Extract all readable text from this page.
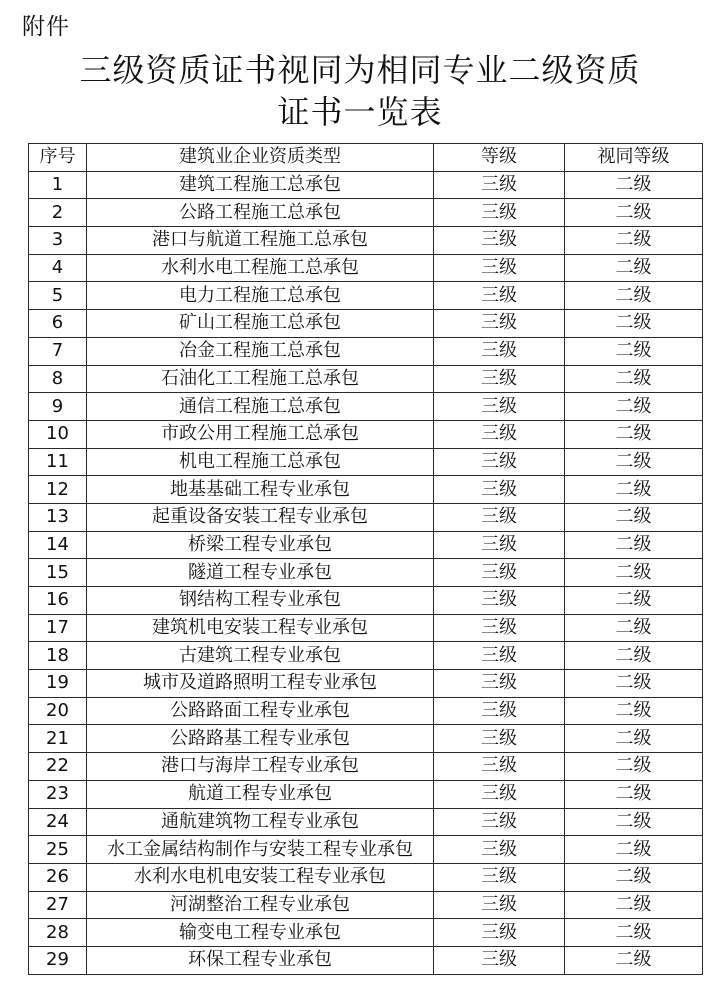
附件
三级资质证书视同为相同专业二级资质
证书一览表
序号	建筑业企业资质类型	等级	视同等级
1	建筑工程施工总承包	三级	二级
2	公路工程施工总承包	三级	二级
3	港口与航道工程施工总承包	三级	二级
4	水利水电工程施工总承包	三级	二级
5	电力工程施工总承包	三级	二级
6	矿山工程施工总承包	三级	二级
7	冶金工程施工总承包	三级	二级
8	石油化工工程施工总承包	三级	二级
9	通信工程施工总承包	三级	二级
10	市政公用工程施工总承包	三级	二级
11	机电工程施工总承包	三级	二级
12	地基基础工程专业承包	三级	二级
13	起重设备安装工程专业承包	三级	二级
14	桥梁工程专业承包	三级	二级
15	隧道工程专业承包	三级	二级
16	钢结构工程专业承包	三级	二级
17	建筑机电安装工程专业承包	三级	二级
18	古建筑工程专业承包	三级	二级
19	城市及道路照明工程专业承包	三级	二级
20	公路路面工程专业承包	三级	二级
21	公路路基工程专业承包	三级	二级
22	港口与海岸工程专业承包	三级	二级
23	航道工程专业承包	三级	二级
24	通航建筑物工程专业承包	三级	二级
25	水工金属结构制作与安装工程专业承包	三级	二级
26	水利水电机电安装工程专业承包	三级	二级
27	河湖整治工程专业承包	三级	二级
28	输变电工程专业承包	三级	二级
29	环保工程专业承包	三级	二级
